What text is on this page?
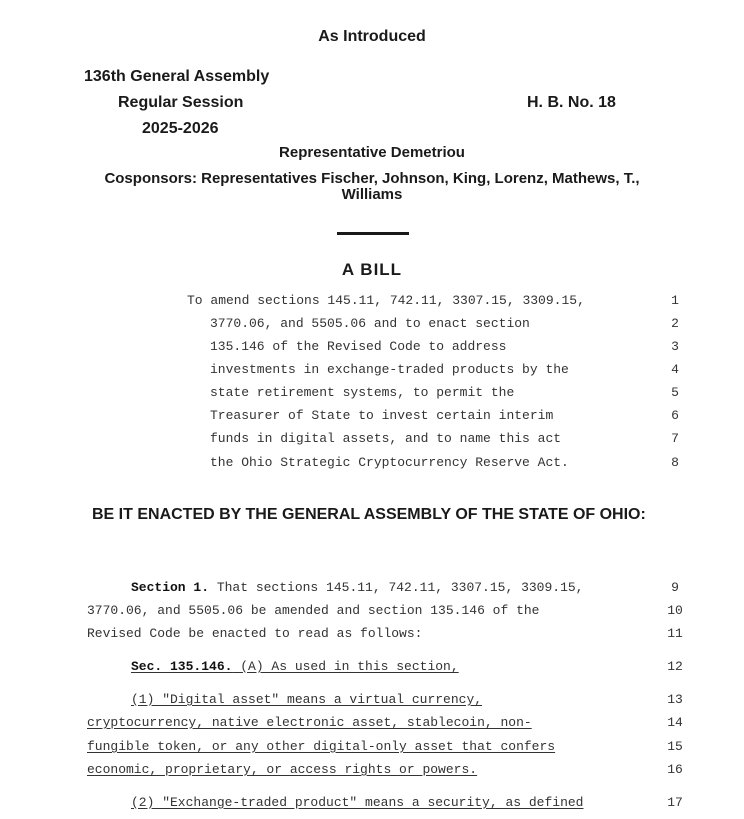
As Introduced
136th General Assembly
Regular Session
2025-2026
H. B. No. 18
Representative Demetriou
Cosponsors: Representatives Fischer, Johnson, King, Lorenz, Mathews, T.,
Williams
A BILL
To amend sections 145.11, 742.11, 3307.15, 3309.15,	1
3770.06, and 5505.06 and to enact section	2
135.146 of the Revised Code to address	3
investments in exchange-traded products by the	4
state retirement systems, to permit the	5
Treasurer of State to invest certain interim	6
funds in digital assets, and to name this act	7
the Ohio Strategic Cryptocurrency Reserve Act.	8
BE IT ENACTED BY THE GENERAL ASSEMBLY OF THE STATE OF OHIO:
Section 1. That sections 145.11, 742.11, 3307.15, 3309.15,	9
3770.06, and 5505.06 be amended and section 135.146 of the	10
Revised Code be enacted to read as follows:	11
Sec. 135.146. (A) As used in this section,	12
(1) "Digital asset" means a virtual currency,	13
cryptocurrency, native electronic asset, stablecoin, non-	14
fungible token, or any other digital-only asset that confers	15
economic, proprietary, or access rights or powers.	16
(2) "Exchange-traded product" means a security, as defined	17
